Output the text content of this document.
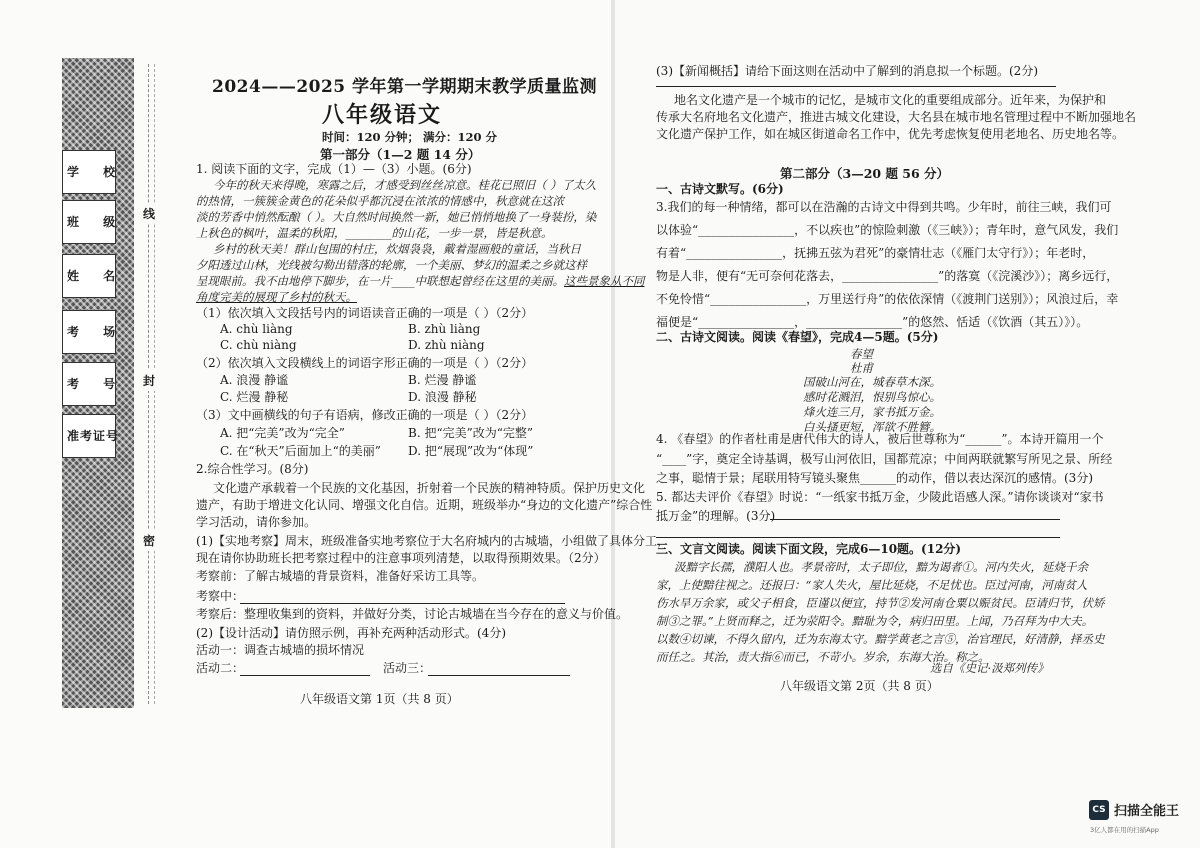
学 校
班 级
姓 名
考 场
考 号
准考证号
线
封
密
2024——2025 学年第一学期期末教学质量监测
八年级语文
时间：120 分钟； 满分：120 分
第一部分（1—2 题 14 分）
1. 阅读下面的文字，完成（1）—（3）小题。(6分)
今年的秋天来得晚，寒露之后，才感受到丝丝凉意。桂花已照旧（ ）了太久
的热情，一簇簇金黄色的花朵似乎都沉浸在浓浓的情感中，秋意就在这浓
淡的芳香中悄然酝酿（ ）。大自然时间换然一新，她已悄悄地换了一身装扮，染
上秋色的枫叶，温柔的秋阳，________的山花，一步一景，皆是秋意。
乡村的秋天美！群山包围的村庄，炊烟袅袅，戴着湿画般的童话，当秋日
夕阳透过山林，光线被勾勒出错落的轮廓，一个美丽、梦幻的温柔之乡就这样
呈现眼前。我不由地停下脚步，在一片____中联想起曾经在这里的美丽。这些景象从不同
角度完美的展现了乡村的秋天。
（1）依次填入文段括号内的词语读音正确的一项是（ ）（2分）
A. chù liàng	B. zhù liàng
C. chù niàng	D. zhù niàng
（2）依次填入文段横线上的词语字形正确的一项是（ ）（2分）
A. 浪漫 静谧	B. 烂漫 静谧
C. 烂漫 静秘	D. 浪漫 静秘
（3）文中画横线的句子有语病，修改正确的一项是（ ）（2分）
A. 把“完美”改为“完全”	B. 把“完美”改为“完整”
C. 在“秋天”后面加上“的美丽” D. 把“展现”改为“体现”
2.综合性学习。(8分)
文化遗产承载着一个民族的文化基因，折射着一个民族的精神特质。保护历史文化
遗产，有助于增进文化认同、增强文化自信。近期，班级举办“身边的文化遗产”综合性
学习活动，请你参加。
(1)【实地考察】周末，班级准备实地考察位于大名府城内的古城墙，小组做了具体分工，
现在请你协助班长把考察过程中的注意事项列清楚，以取得预期效果。（2分）
考察前：了解古城墙的背景资料，准备好采访工具等。
考察中：
考察后：整理收集到的资料，并做好分类，讨论古城墙在当今存在的意义与价值。
(2)【设计活动】请仿照示例，再补充两种活动形式。(4分)
活动一：调查古城墙的损坏情况
活动二：	活动三：
八年级语文第 1页（共 8 页）
(3)【新闻概括】请给下面这则在活动中了解到的消息拟一个标题。(2分)
地名文化遗产是一个城市的记忆，是城市文化的重要组成部分。近年来，为保护和
传承大名府地名文化遗产，推进古城文化建设，大名县在城市地名管理过程中不断加强地名
文化遗产保护工作，如在城区街道命名工作中，优先考虑恢复使用老地名、历史地名等。
第二部分（3—20 题 56 分）
一、古诗文默写。(6分)
3.我们的每一种情绪，都可以在浩瀚的古诗文中得到共鸣。少年时，前往三峡，我们可
以体验“________________，不以疾也”的惊险刺激（《三峡》）；青年时，意气风发，我们
有着“________________，抚拂五弦为君死”的豪情壮志（《雁门太守行》）；年老时，
物是人非，便有“无可奈何花落去，________________”的落寞（《浣溪沙》）；离乡远行，
不免怜惜“________________，万里送行舟”的依依深情（《渡荆门送别》）；风浪过后，幸
福便是“________________，________________”的悠然、恬适（《饮酒（其五）》）。
二、古诗文阅读。阅读《春望》，完成4—5题。(5分)
春望
杜甫
国破山河在，城春草木深。
感时花溅泪，恨别鸟惊心。
烽火连三月，家书抵万金。
白头搔更短，浑欲不胜簪。
4. 《春望》的作者杜甫是唐代伟大的诗人，被后世尊称为“______”。本诗开篇用一个
“____”字，奠定全诗基调，极写山河依旧，国都荒凉；中间两联就繁写所见之景、所经
之事，聪情于景；尾联用特写镜头聚焦______的动作，借以表达深沉的感情。(3分)
5. 都达夫评价《春望》时说：“一纸家书抵万金，少陵此语感人深。”请你谈谈对“家书
抵万金”的理解。(3分)
三、文言文阅读。阅读下面文段，完成6—10题。(12分)
汲黯字长孺，濮阳人也。孝景帝时，太子即位，黯为谒者①。河内失火，延烧千余
家，上使黯往视之。还报曰：“家人失火，屋比延烧，不足忧也。臣过河南，河南贫人
伤水旱万余家，或父子相食，臣谨以便宜，持节②发河南仓粟以赈贫民。臣请归节，伏矫
制③之罪。”上贤而释之，迁为荥阳令。黯耻为令，病归田里。上闻，乃召拜为中大夫。
以数④切谏，不得久留内，迁为东海太守。黯学黄老之言⑤，治官理民，好清静，择丞史
而任之。其治，责大指⑥而已，不苛小。岁余，东海大治。称之。
选自《史记·汲郑列传》
八年级语文第 2页（共 8 页）
CS 扫描全能王
3亿人都在用的扫描App
